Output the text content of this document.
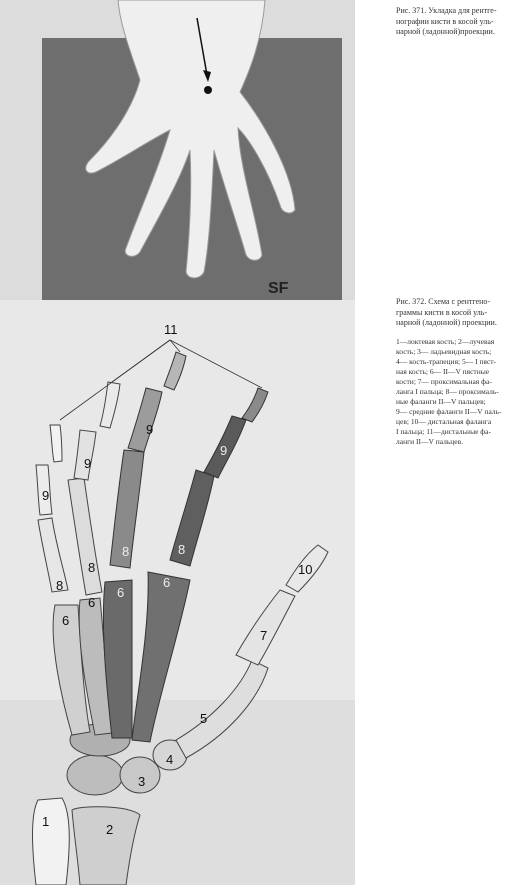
SF
11
9
9
9
9
8
8
8	8
6
6
6
6
10
7
5
4
3
2
1
Рис. 371. Укладка для рентге-
нографии кисти в косой уль-
нарной (ладонной)проекции.
Рис. 372. Схема с рентгено-
граммы кисти в косой уль-
нарной (ладонной) проекции.
1—локтевая кость; 2—лучевая
кость; 3— ладьевидная кость;
4— кость-трапеция; 5— I пяст-
ная кость; 6— II—V пястные
кости; 7— проксимальная фа-
ланга I пальца; 8— проксималь-
ные фаланги II—V пальцев;
9— средние фаланги II—V паль-
цев; 10— дистальная фаланга
I пальца; 11—дистальные фа-
ланги II—V пальцев.
